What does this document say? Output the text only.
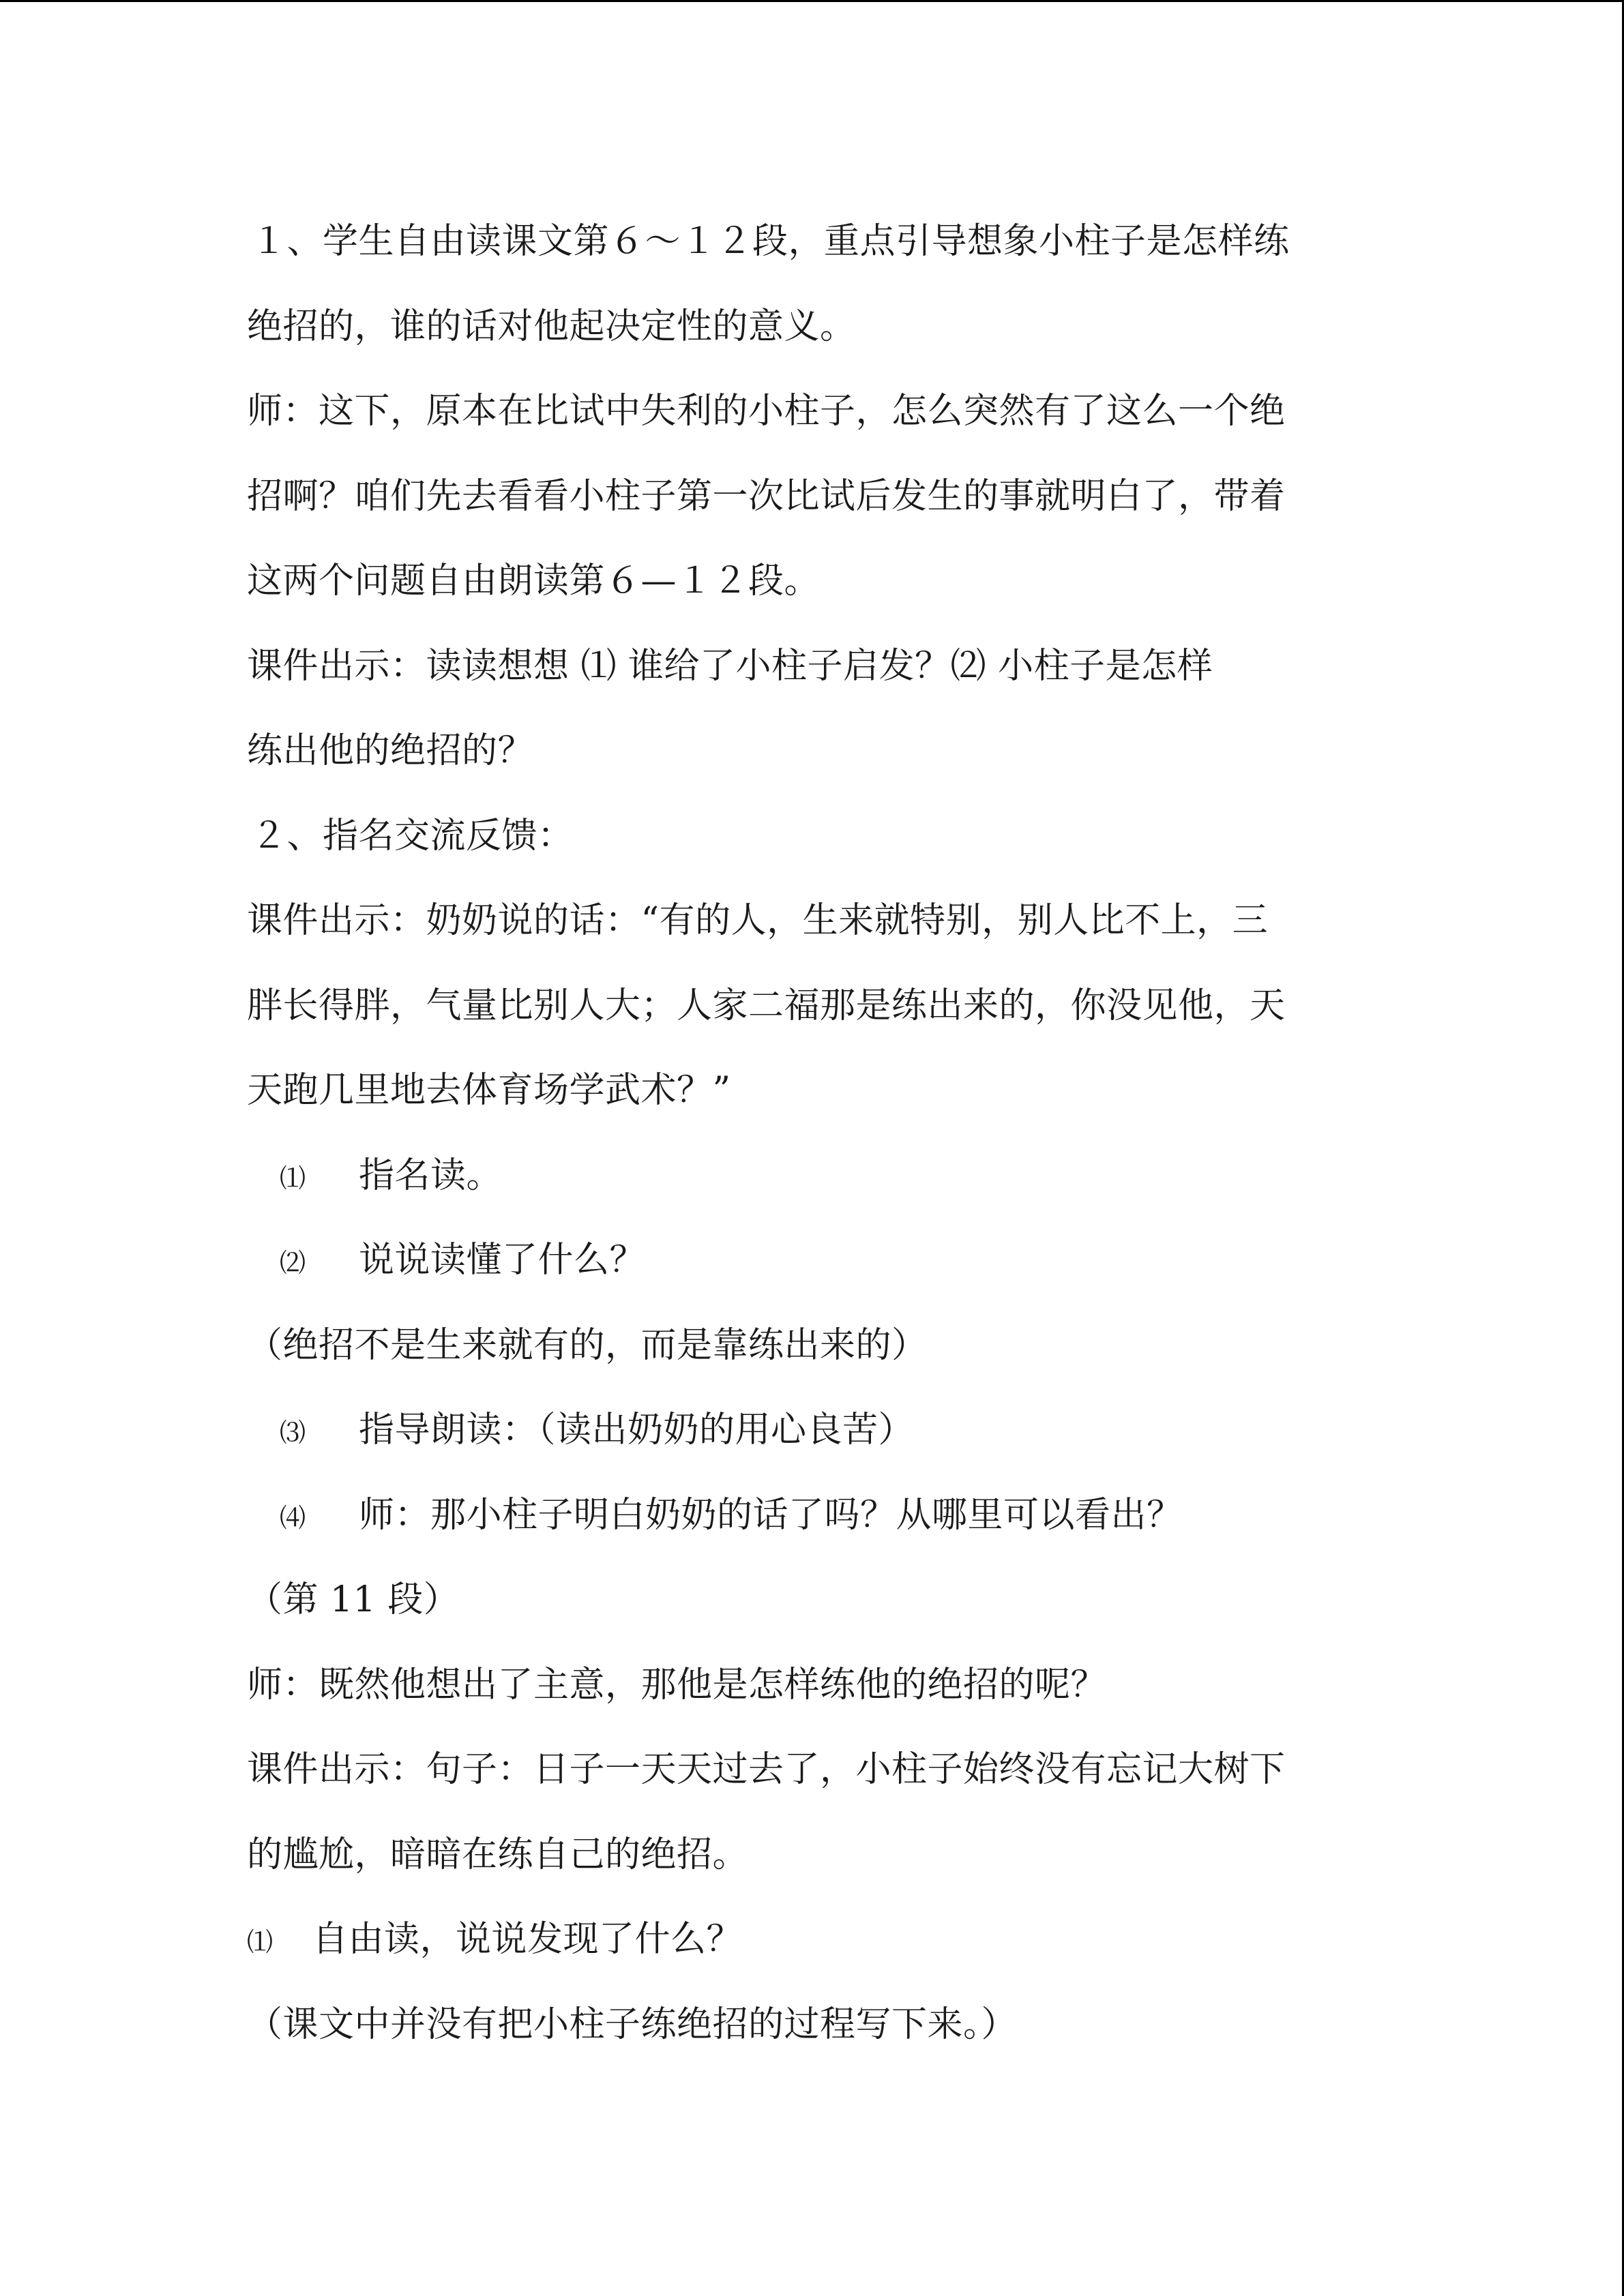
１、学生自由读课文第６～１２段，重点引导想象小柱子是怎样练
绝招的，谁的话对他起决定性的意义。
师：这下，原本在比试中失利的小柱子，怎么突然有了这么一个绝
招啊？咱们先去看看小柱子第一次比试后发生的事就明白了，带着
这两个问题自由朗读第６—１２段。
课件出示：读读想想 ⑴ 谁给了小柱子启发？⑵ 小柱子是怎样
练出他的绝招的？
２、指名交流反馈：
课件出示：奶奶说的话：“有的人，生来就特别，别人比不上，三
胖长得胖，气量比别人大；人家二福那是练出来的，你没见他，天
天跑几里地去体育场学武术？”
⑴ 指名读。
⑵ 说说读懂了什么？
（绝招不是生来就有的，而是靠练出来的）
⑶ 指导朗读：（读出奶奶的用心良苦）
⑷ 师：那小柱子明白奶奶的话了吗？从哪里可以看出？
（第 11 段）
师：既然他想出了主意，那他是怎样练他的绝招的呢？
课件出示：句子：日子一天天过去了，小柱子始终没有忘记大树下
的尴尬，暗暗在练自己的绝招。
⑴ 自由读，说说发现了什么？
（课文中并没有把小柱子练绝招的过程写下来。）
